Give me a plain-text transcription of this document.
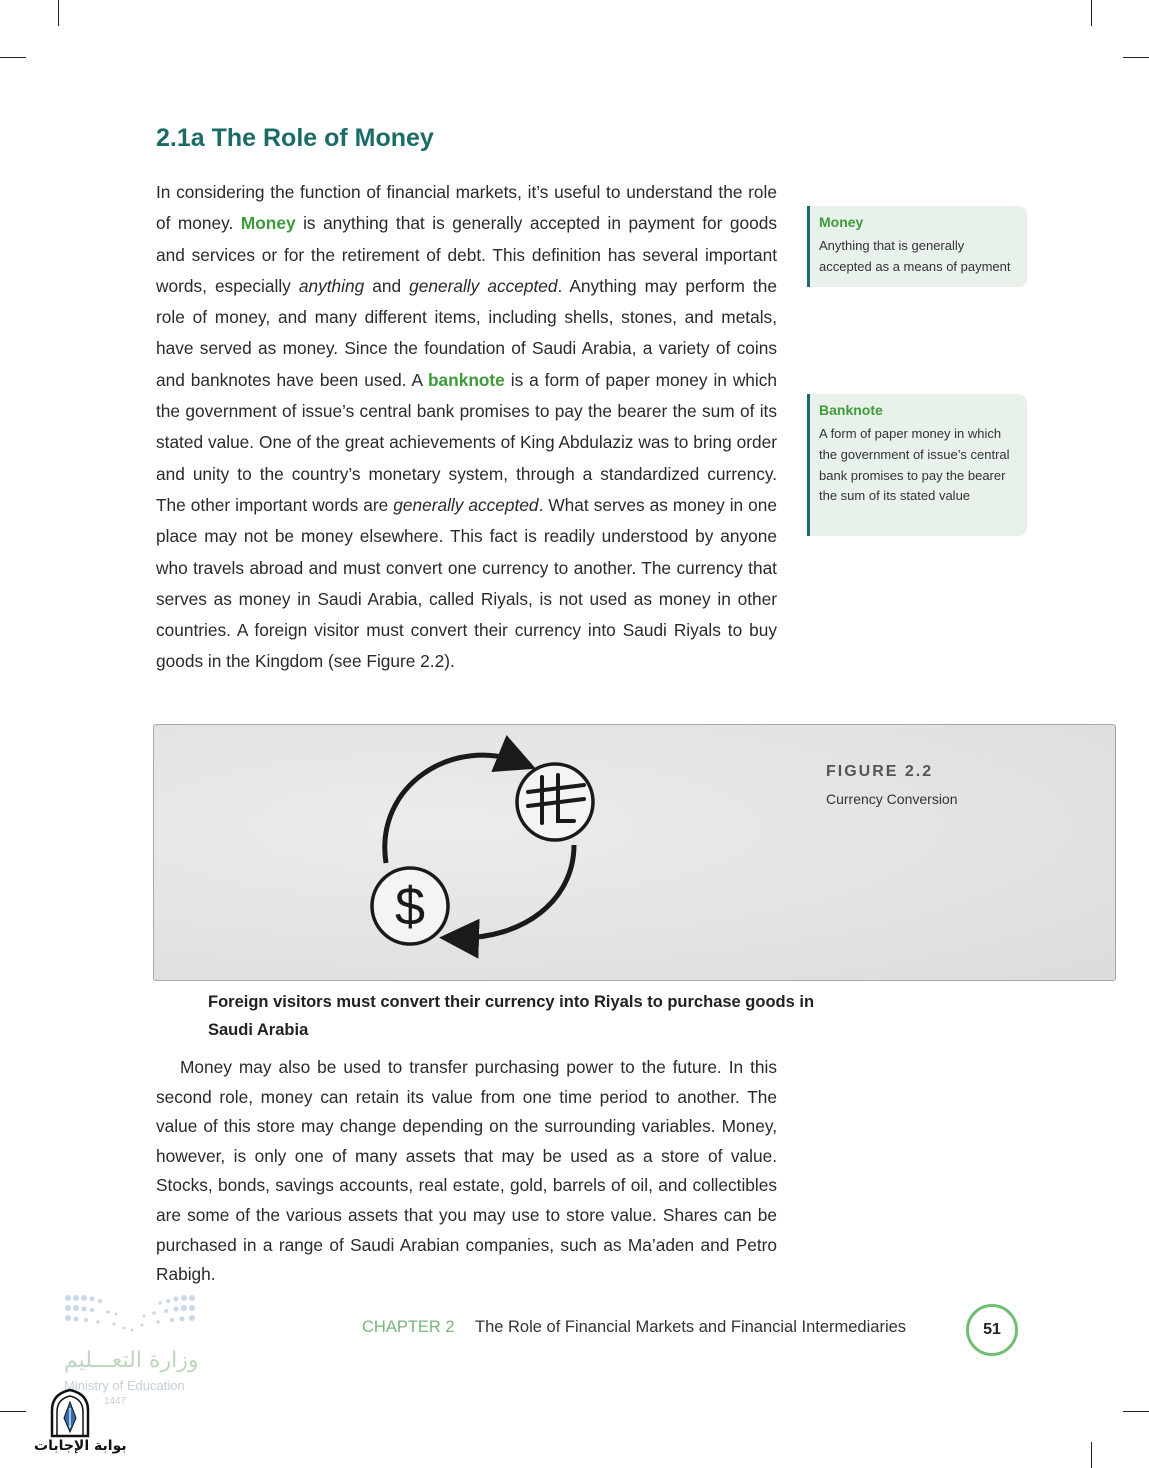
2.1a The Role of Money

In considering the function of financial markets, it’s useful to understand the role of money. Money is anything that is generally accepted in payment for goods and services or for the retirement of debt. This definition has several important words, especially anything and generally accepted. Anything may perform the role of money, and many different items, including shells, stones, and metals, have served as money. Since the foundation of Saudi Arabia, a variety of coins and banknotes have been used. A banknote is a form of paper money in which the government of issue’s central bank promises to pay the bearer the sum of its stated value. One of the great achievements of King Abdulaziz was to bring order and unity to the country’s monetary system, through a standardized currency. The other important words are generally accepted. What serves as money in one place may not be money elsewhere. This fact is readily understood by anyone who travels abroad and must convert one currency to another. The currency that serves as money in Saudi Arabia, called Riyals, is not used as money in other countries. A foreign visitor must convert their currency into Saudi Riyals to buy goods in the Kingdom (see Figure 2.2).

Money
Anything that is generally accepted as a means of payment
Banknote
A form of paper money in which the government of issue’s central bank promises to pay the bearer the sum of its stated value
$
FIGURE 2.2
Currency Conversion

Foreign visitors must convert their currency into Riyals to purchase goods in Saudi Arabia

Money may also be used to transfer purchasing power to the future. In this second role, money can retain its value from one time period to another. The value of this store may change depending on the surrounding variables. Money, however, is only one of many assets that may be used as a store of value. Stocks, bonds, savings accounts, real estate, gold, barrels of oil, and collectibles are some of the various assets that you may use to store value. Shares can be purchased in a range of Saudi Arabian companies, such as Ma’aden and Petro Rabigh.

وزارة التعـــليم
Ministry of Education
1447
بوابة الإجابات
CHAPTER 2 The Role of Financial Markets and Financial Intermediaries	51
